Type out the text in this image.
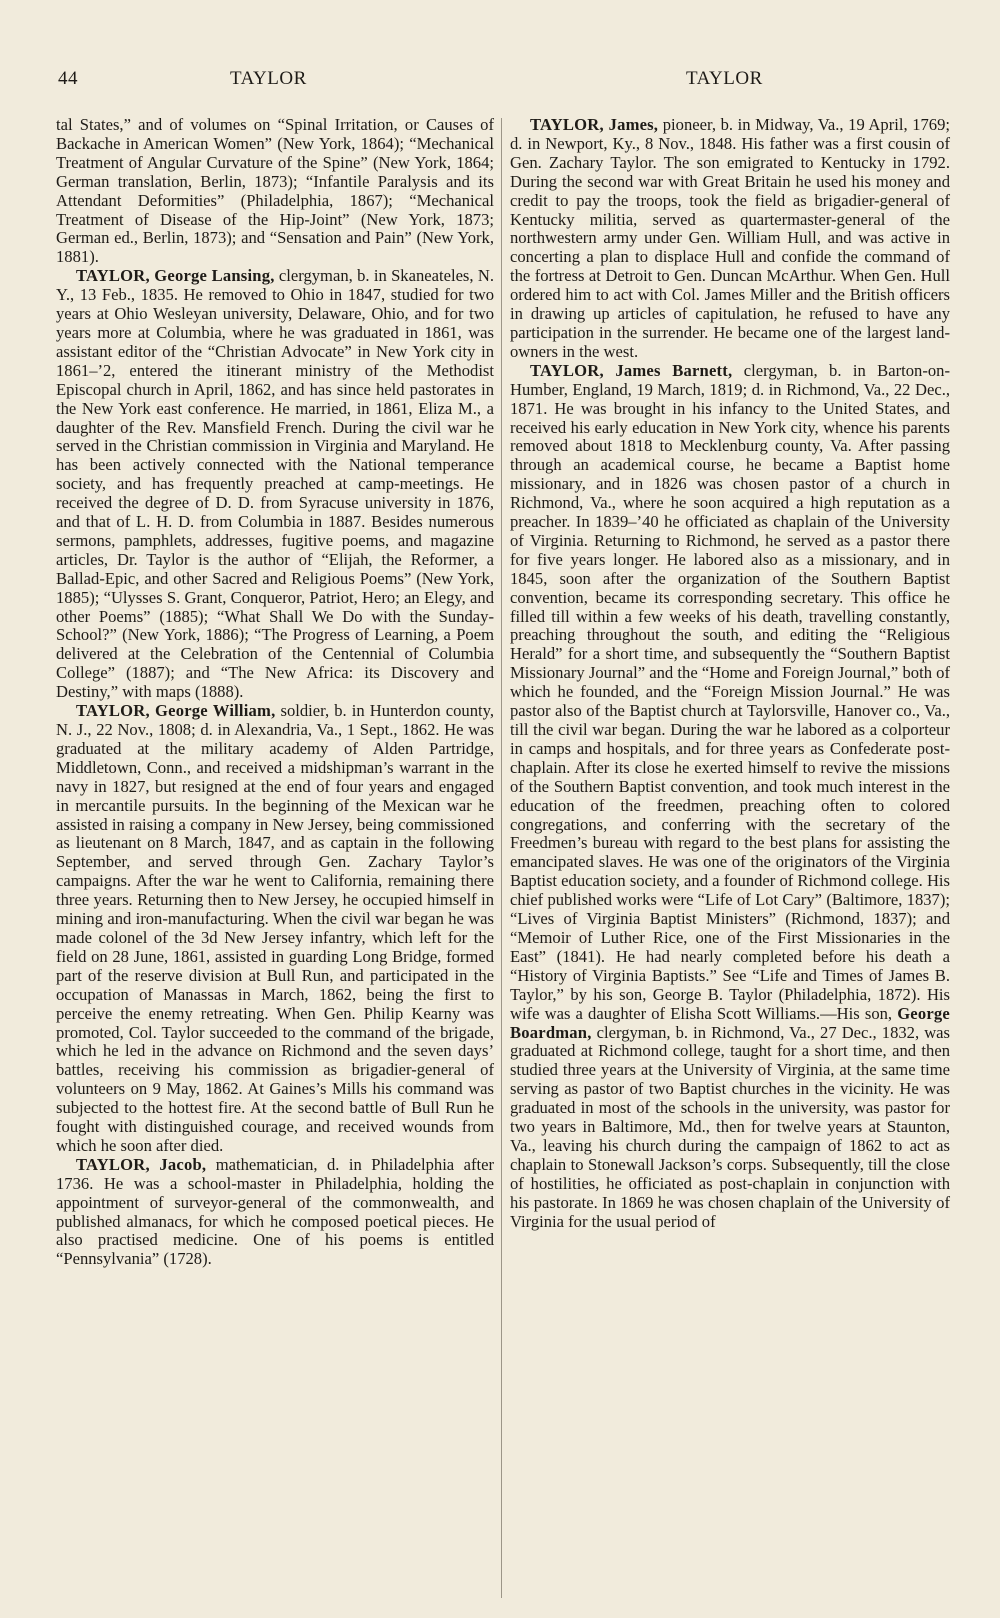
44	TAYLOR	TAYLOR

tal States,” and of volumes on “Spinal Irritation, or Causes of Backache in American Women” (New York, 1864); “Mechanical Treatment of Angular Curvature of the Spine” (New York, 1864; German translation, Berlin, 1873); “Infantile Paralysis and its Attendant Deformities” (Philadelphia, 1867); “Mechanical Treatment of Disease of the Hip-Joint” (New York, 1873; German ed., Berlin, 1873); and “Sensation and Pain” (New York, 1881).

TAYLOR, George Lansing, clergyman, b. in Skaneateles, N. Y., 13 Feb., 1835. He removed to Ohio in 1847, studied for two years at Ohio Wesleyan university, Delaware, Ohio, and for two years more at Columbia, where he was graduated in 1861, was assistant editor of the “Christian Advocate” in New York city in 1861–’2, entered the itinerant ministry of the Methodist Episcopal church in April, 1862, and has since held pastorates in the New York east conference. He married, in 1861, Eliza M., a daughter of the Rev. Mansfield French. During the civil war he served in the Christian commission in Virginia and Maryland. He has been actively connected with the National temperance society, and has frequently preached at camp-meetings. He received the degree of D. D. from Syracuse university in 1876, and that of L. H. D. from Columbia in 1887. Besides numerous sermons, pamphlets, addresses, fugitive poems, and magazine articles, Dr. Taylor is the author of “Elijah, the Reformer, a Ballad-Epic, and other Sacred and Religious Poems” (New York, 1885); “Ulysses S. Grant, Conqueror, Patriot, Hero; an Elegy, and other Poems” (1885); “What Shall We Do with the Sunday-School?” (New York, 1886); “The Progress of Learning, a Poem delivered at the Celebration of the Centennial of Columbia College” (1887); and “The New Africa: its Discovery and Destiny,” with maps (1888).

TAYLOR, George William, soldier, b. in Hunterdon county, N. J., 22 Nov., 1808; d. in Alexandria, Va., 1 Sept., 1862. He was graduated at the military academy of Alden Partridge, Middletown, Conn., and received a midshipman’s warrant in the navy in 1827, but resigned at the end of four years and engaged in mercantile pursuits. In the beginning of the Mexican war he assisted in raising a company in New Jersey, being commissioned as lieutenant on 8 March, 1847, and as captain in the following September, and served through Gen. Zachary Taylor’s campaigns. After the war he went to California, remaining there three years. Returning then to New Jersey, he occupied himself in mining and iron-manufacturing. When the civil war began he was made colonel of the 3d New Jersey infantry, which left for the field on 28 June, 1861, assisted in guarding Long Bridge, formed part of the reserve division at Bull Run, and participated in the occupation of Manassas in March, 1862, being the first to perceive the enemy retreating. When Gen. Philip Kearny was promoted, Col. Taylor succeeded to the command of the brigade, which he led in the advance on Richmond and the seven days’ battles, receiving his commission as brigadier-general of volunteers on 9 May, 1862. At Gaines’s Mills his command was subjected to the hottest fire. At the second battle of Bull Run he fought with distinguished courage, and received wounds from which he soon after died.

TAYLOR, Jacob, mathematician, d. in Philadelphia after 1736. He was a school-master in Philadelphia, holding the appointment of surveyor-general of the commonwealth, and published almanacs, for which he composed poetical pieces. He also practised medicine. One of his poems is entitled “Pennsylvania” (1728).

TAYLOR, James, pioneer, b. in Midway, Va., 19 April, 1769; d. in Newport, Ky., 8 Nov., 1848. His father was a first cousin of Gen. Zachary Taylor. The son emigrated to Kentucky in 1792. During the second war with Great Britain he used his money and credit to pay the troops, took the field as brigadier-general of Kentucky militia, served as quartermaster-general of the northwestern army under Gen. William Hull, and was active in concerting a plan to displace Hull and confide the command of the fortress at Detroit to Gen. Duncan McArthur. When Gen. Hull ordered him to act with Col. James Miller and the British officers in drawing up articles of capitulation, he refused to have any participation in the surrender. He became one of the largest land-owners in the west.

TAYLOR, James Barnett, clergyman, b. in Barton-on-Humber, England, 19 March, 1819; d. in Richmond, Va., 22 Dec., 1871. He was brought in his infancy to the United States, and received his early education in New York city, whence his parents removed about 1818 to Mecklenburg county, Va. After passing through an academical course, he became a Baptist home missionary, and in 1826 was chosen pastor of a church in Richmond, Va., where he soon acquired a high reputation as a preacher. In 1839–’40 he officiated as chaplain of the University of Virginia. Returning to Richmond, he served as a pastor there for five years longer. He labored also as a missionary, and in 1845, soon after the organization of the Southern Baptist convention, became its corresponding secretary. This office he filled till within a few weeks of his death, travelling constantly, preaching throughout the south, and editing the “Religious Herald” for a short time, and subsequently the “Southern Baptist Missionary Journal” and the “Home and Foreign Journal,” both of which he founded, and the “Foreign Mission Journal.” He was pastor also of the Baptist church at Taylorsville, Hanover co., Va., till the civil war began. During the war he labored as a colporteur in camps and hospitals, and for three years as Confederate post-chaplain. After its close he exerted himself to revive the missions of the Southern Baptist convention, and took much interest in the education of the freedmen, preaching often to colored congregations, and conferring with the secretary of the Freedmen’s bureau with regard to the best plans for assisting the emancipated slaves. He was one of the originators of the Virginia Baptist education society, and a founder of Richmond college. His chief published works were “Life of Lot Cary” (Baltimore, 1837); “Lives of Virginia Baptist Ministers” (Richmond, 1837); and “Memoir of Luther Rice, one of the First Missionaries in the East” (1841). He had nearly completed before his death a “History of Virginia Baptists.” See “Life and Times of James B. Taylor,” by his son, George B. Taylor (Philadelphia, 1872). His wife was a daughter of Elisha Scott Williams.—His son, George Boardman, clergyman, b. in Richmond, Va., 27 Dec., 1832, was graduated at Richmond college, taught for a short time, and then studied three years at the University of Virginia, at the same time serving as pastor of two Baptist churches in the vicinity. He was graduated in most of the schools in the university, was pastor for two years in Baltimore, Md., then for twelve years at Staunton, Va., leaving his church during the campaign of 1862 to act as chaplain to Stonewall Jackson’s corps. Subsequently, till the close of hostilities, he officiated as post-chaplain in conjunction with his pastorate. In 1869 he was chosen chaplain of the University of Virginia for the usual period of
